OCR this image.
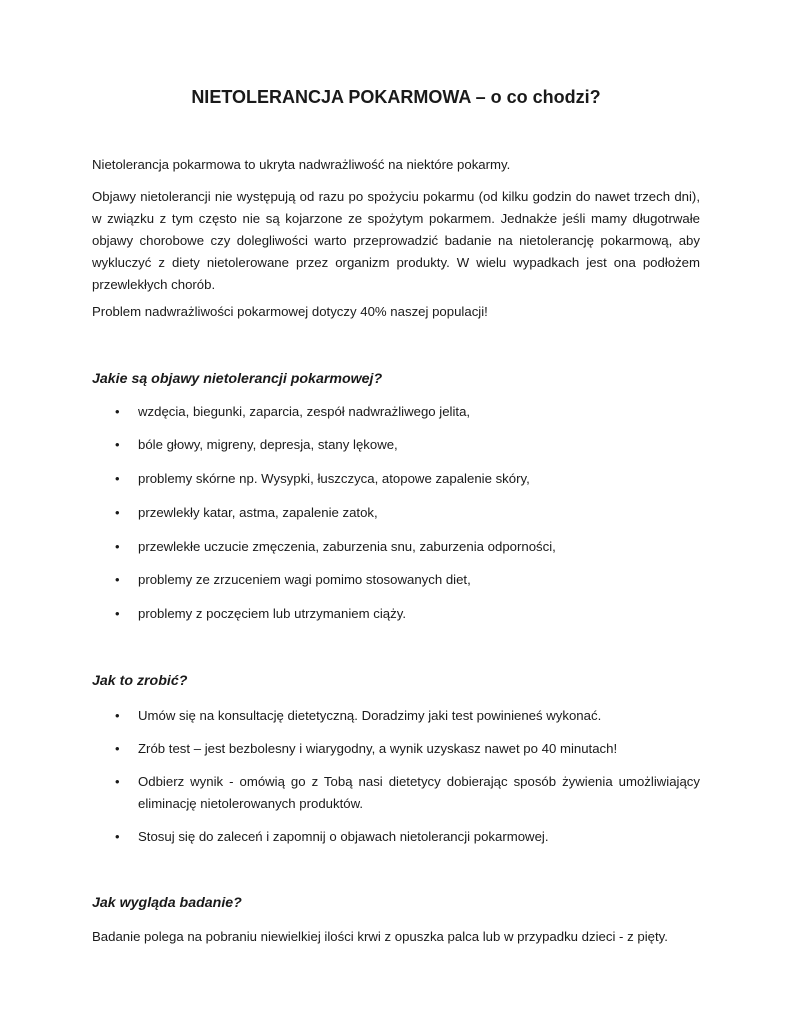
NIETOLERANCJA POKARMOWA – o co chodzi?

Nietolerancja pokarmowa to ukryta nadwrażliwość na niektóre pokarmy.

Objawy nietolerancji nie występują od razu po spożyciu pokarmu (od kilku godzin do nawet trzech dni), w związku z tym często nie są kojarzone ze spożytym pokarmem. Jednakże jeśli mamy długotrwałe objawy chorobowe czy dolegliwości warto przeprowadzić badanie na nietolerancję pokarmową, aby wykluczyć z diety nietolerowane przez organizm produkty. W wielu wypadkach jest ona podłożem przewlekłych chorób.

Problem nadwrażliwości pokarmowej dotyczy 40% naszej populacji!

Jakie są objawy nietolerancji pokarmowej?
• wzdęcia, biegunki, zaparcia, zespół nadwrażliwego jelita,
• bóle głowy, migreny, depresja, stany lękowe,
• problemy skórne np. Wysypki, łuszczyca, atopowe zapalenie skóry,
• przewlekły katar, astma, zapalenie zatok,
• przewlekłe uczucie zmęczenia, zaburzenia snu, zaburzenia odporności,
• problemy ze zrzuceniem wagi pomimo stosowanych diet,
• problemy z poczęciem lub utrzymaniem ciąży.
Jak to zrobić?
• Umów się na konsultację dietetyczną. Doradzimy jaki test powinieneś wykonać.
• Zrób test – jest bezbolesny i wiarygodny, a wynik uzyskasz nawet po 40 minutach!
• Odbierz wynik - omówią go z Tobą nasi dietetycy dobierając sposób żywienia umożliwiający eliminację nietolerowanych produktów.
• Stosuj się do zaleceń i zapomnij o objawach nietolerancji pokarmowej.
Jak wygląda badanie?

Badanie polega na pobraniu niewielkiej ilości krwi z opuszka palca lub w przypadku dzieci - z pięty.
